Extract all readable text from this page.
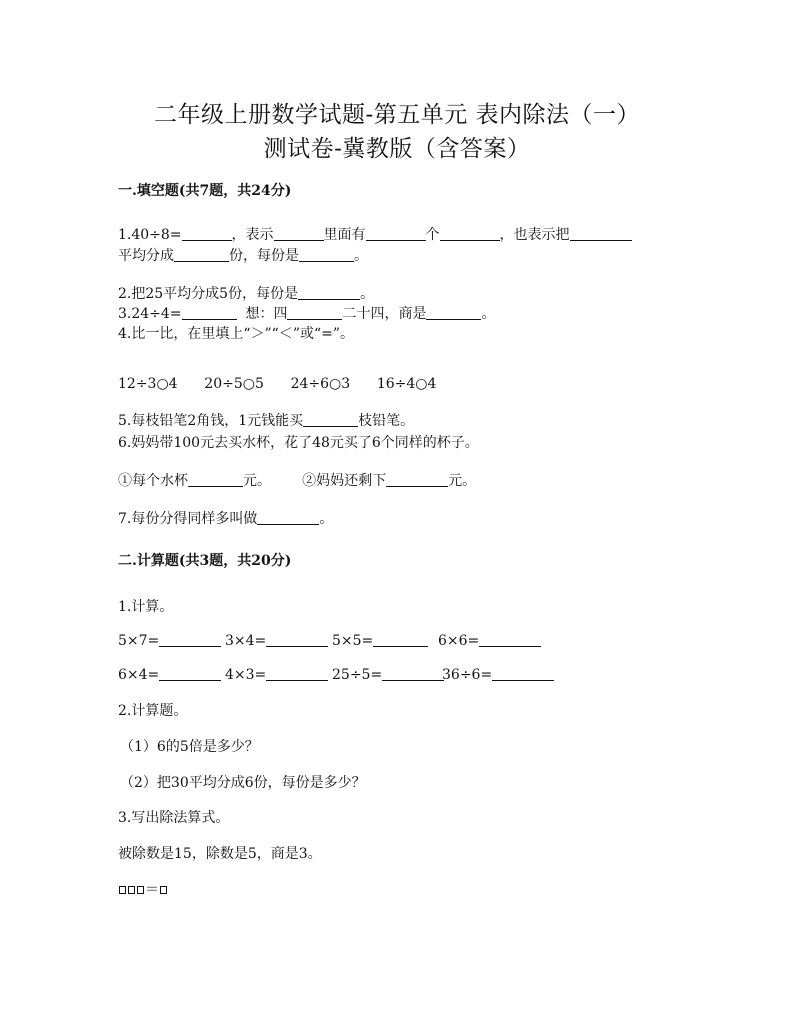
二年级上册数学试题-第五单元 表内除法（一）
测试卷-冀教版（含答案）
一.填空题(共7题，共24分)
1.40÷8=	，表示	里面有	个	，也表示把
平均分成	份，每份是	。
2.把25平均分成5份，每份是	。
3.24÷4=	想：四	二十四，商是	。
4.比一比，在里填上“＞”“＜”或“=”。
12÷3○4 20÷5○5 24÷6○3 16÷4○4
5.每枝铅笔2角钱，1元钱能买	枝铅笔。
6.妈妈带100元去买水杯，花了48元买了6个同样的杯子。
①每个水杯	元。 ②妈妈还剩下	元。
7.每份分得同样多叫做	。
二.计算题(共3题，共20分)
1.计算。
5×7=	3×4=	5×5=	6×6=
6×4=	4×3=	25÷5=	36÷6=
2.计算题。
（1）6的5倍是多少？
（2）把30平均分成6份，每份是多少？
3.写出除法算式。
被除数是15，除数是5，商是3。
＝
